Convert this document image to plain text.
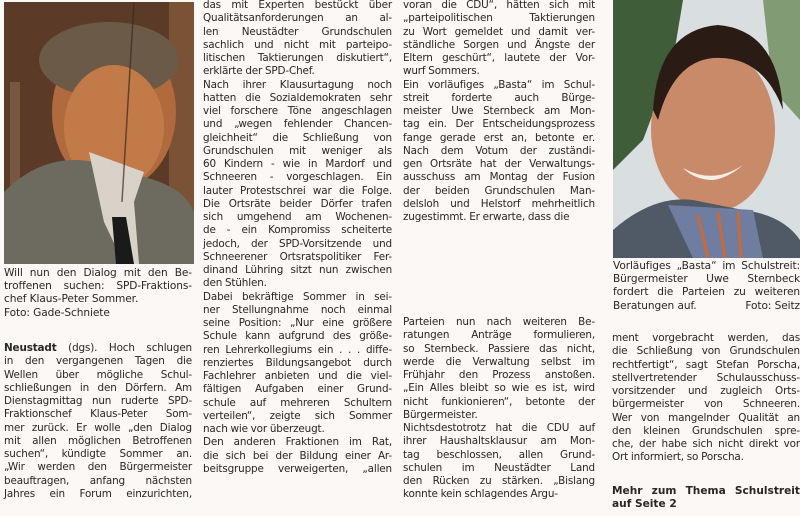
Will nun den Dialog mit den Be-
troffenen suchen: SPD-Fraktions-
chef Klaus-Peter Sommer.
Foto: Gade-Schniete
Neustadt (dgs). Hoch schlugen
in den vergangenen Tagen die
Wellen über mögliche Schul-
schließungen in den Dörfern. Am
Dienstagmittag nun ruderte SPD-
Fraktionschef Klaus-Peter Som-
mer zurück. Er wolle „den Dialog
mit allen möglichen Betroffenen
suchen“, kündigte Sommer an.
„Wir werden den Bürgermeister
beauftragen, anfang nächsten
Jahres ein Forum einzurichten,
das mit Experten bestückt über
Qualitätsanforderungen an al-
len Neustädter Grundschulen
sachlich und nicht mit parteipo-
litischen Taktierungen diskutiert“,
erklärte der SPD-Chef.
Nach ihrer Klausurtagung noch
hatten die Sozialdemokraten sehr
viel forschere Töne angeschlagen
und „wegen fehlender Chancen-
gleichheit“ die Schließung von
Grundschulen mit weniger als
60 Kindern - wie in Mardorf und
Schneeren - vorgeschlagen. Ein
lauter Protestschrei war die Folge.
Die Ortsräte beider Dörfer trafen
sich umgehend am Wochenen-
de - ein Kompromiss scheiterte
jedoch, der SPD-Vorsitzende und
Schneerener Ortsratspolitiker Fer-
dinand Lühring sitzt nun zwischen
den Stühlen.
Dabei bekräftige Sommer in sei-
ner Stellungnahme noch einmal
seine Position: „Nur eine größere
Schule kann aufgrund des größe-
ren Lehrerkollegiums ein . . . diffe-
renziertes Bildungsangebot durch
Fachlehrer anbieten und die viel-
fältigen Aufgaben einer Grund-
schule auf mehreren Schultern
verteilen“, zeigte sich Sommer
nach wie vor überzeugt.
Den anderen Fraktionen im Rat,
die sich bei der Bildung einer Ar-
beitsgruppe verweigerten, „allen
voran die CDU“, hätten sich mit
„parteipolitischen Taktierungen
zu Wort gemeldet und damit ver-
ständliche Sorgen und Ängste der
Eltern geschürt“, lautete der Vor-
wurf Sommers.
Ein vorläufiges „Basta“ im Schul-
streit forderte auch Bürge-
meister Uwe Sternbeck am Mon-
tag ein. Der Entscheidungsprozess
fange gerade erst an, betonte er.
Nach dem Votum der zuständi-
gen Ortsräte hat der Verwaltungs-
ausschuss am Montag der Fusion
der beiden Grundschulen Man-
delsloh und Helstorf mehrheitlich
zugestimmt. Er erwarte, dass die
Parteien nun nach weiteren Be-
ratungen Anträge formulieren,
so Sternbeck. Passiere das nicht,
werde die Verwaltung selbst im
Frühjahr den Prozess anstoßen.
„Ein Alles bleibt so wie es ist, wird
nicht funkionieren“, betonte der
Bürgermeister.
Nichtsdestotrotz hat die CDU auf
ihrer Haushaltsklausur am Mon-
tag beschlossen, allen Grund-
schulen im Neustädter Land
den Rücken zu stärken. „Bislang
konnte kein schlagendes Argu-
Vorläufiges „Basta“ im Schulstreit:
Bürgermeister Uwe Sternbeck
fordert die Parteien zu weiteren
Beratungen auf.	Foto: Seitz
ment vorgebracht werden, das
die Schließung von Grundschulen
rechtfertigt“, sagt Stefan Porscha,
stellvertretender Schulausschuss-
vorsitzender und zugleich Orts-
bürgermeister von Schneeren.
Wer von mangelnder Qualität an
den kleinen Grundschulen spre-
che, der habe sich nicht direkt vor
Ort informiert, so Porscha.
Mehr zum Thema Schulstreit
auf Seite 2
